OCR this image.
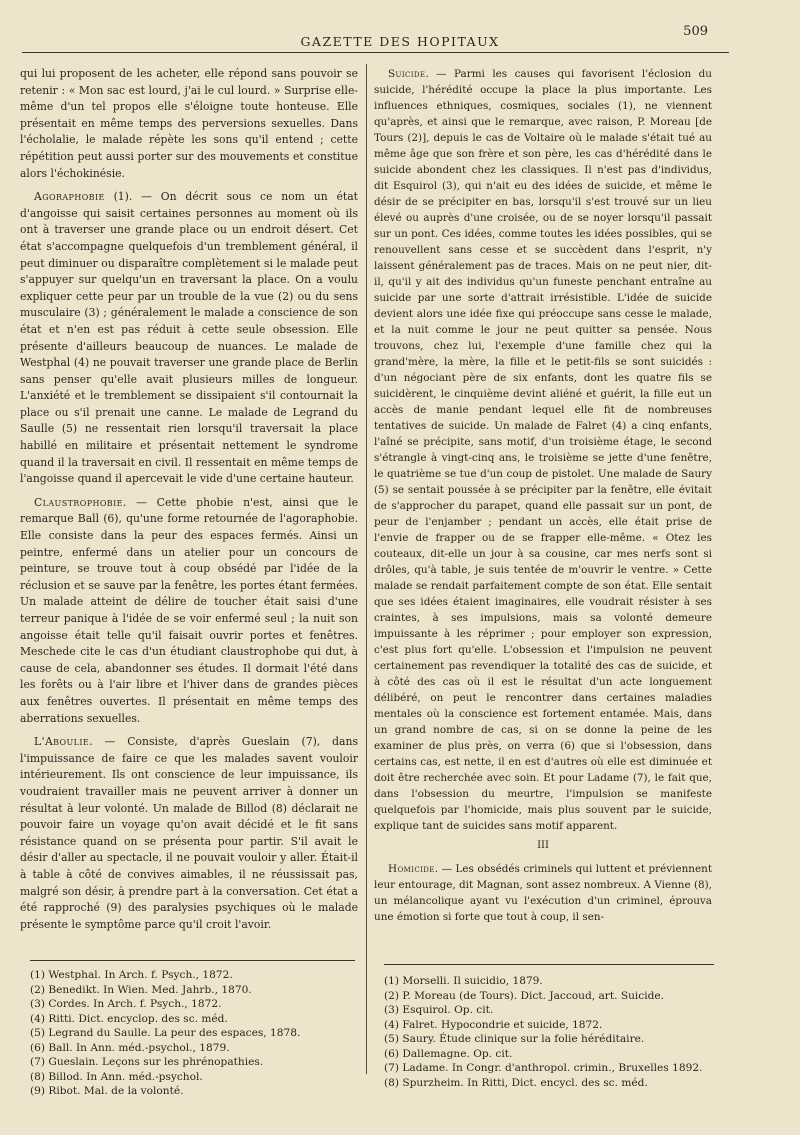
GAZETTE DES HOPITAUX
509

qui lui proposent de les acheter, elle répond sans pouvoir se retenir : « Mon sac est lourd, j'ai le cul lourd. » Surprise elle-même d'un tel propos elle s'éloigne toute honteuse. Elle présentait en même temps des perversions sexuelles. Dans l'écholalie, le malade répète les sons qu'il entend ; cette répétition peut aussi porter sur des mouvements et constitue alors l'échokinésie.

Agoraphobie (1). — On décrit sous ce nom un état d'angoisse qui saisit certaines personnes au moment où ils ont à traverser une grande place ou un endroit désert. Cet état s'accompagne quelquefois d'un tremblement général, il peut diminuer ou disparaître complètement si le malade peut s'appuyer sur quelqu'un en traversant la place. On a voulu expliquer cette peur par un trouble de la vue (2) ou du sens musculaire (3) ; généralement le malade a conscience de son état et n'en est pas réduit à cette seule obsession. Elle présente d'ailleurs beaucoup de nuances. Le malade de Westphal (4) ne pouvait traverser une grande place de Berlin sans penser qu'elle avait plusieurs milles de longueur. L'anxiété et le tremblement se dissipaient s'il contournait la place ou s'il prenait une canne. Le malade de Legrand du Saulle (5) ne ressentait rien lorsqu'il traversait la place habillé en militaire et présentait nettement le syndrome quand il la traversait en civil. Il ressentait en même temps de l'angoisse quand il apercevait le vide d'une certaine hauteur.

Claustrophobie. — Cette phobie n'est, ainsi que le remarque Ball (6), qu'une forme retournée de l'agoraphobie. Elle consiste dans la peur des espaces fermés. Ainsi un peintre, enfermé dans un atelier pour un concours de peinture, se trouve tout à coup obsédé par l'idée de la réclusion et se sauve par la fenêtre, les portes étant fermées. Un malade atteint de délire de toucher était saisi d'une terreur panique à l'idée de se voir enfermé seul ; la nuit son angoisse était telle qu'il faisait ouvrir portes et fenêtres. Meschede cite le cas d'un étudiant claustrophobe qui dut, à cause de cela, abandonner ses études. Il dormait l'été dans les forêts ou à l'air libre et l'hiver dans de grandes pièces aux fenêtres ouvertes. Il présentait en même temps des aberrations sexuelles.

L'Aboulie. — Consiste, d'après Gueslain (7), dans l'impuissance de faire ce que les malades savent vouloir intérieurement. Ils ont conscience de leur impuissance, ils voudraient travailler mais ne peuvent arriver à donner un résultat à leur volonté. Un malade de Billod (8) déclarait ne pouvoir faire un voyage qu'on avait décidé et le fit sans résistance quand on se présenta pour partir. S'il avait le désir d'aller au spectacle, il ne pouvait vouloir y aller. Était-il à table à côté de convives aimables, il ne réussissait pas, malgré son désir, à prendre part à la conversation. Cet état a été rapproché (9) des paralysies psychiques où le malade présente le symptôme parce qu'il croit l'avoir.

(1) Westphal. In Arch. f. Psych., 1872.
(2) Benedikt. In Wien. Med. Jahrb., 1870.
(3) Cordes. In Arch. f. Psych., 1872.
(4) Ritti. Dict. encyclop. des sc. méd.
(5) Legrand du Saulle. La peur des espaces, 1878.
(6) Ball. In Ann. méd.-psychol., 1879.
(7) Gueslain. Leçons sur les phrénopathies.
(8) Billod. In Ann. méd.-psychol.
(9) Ribot. Mal. de la volonté.

Suicide. — Parmi les causes qui favorisent l'éclosion du suicide, l'hérédité occupe la place la plus importante. Les influences ethniques, cosmiques, sociales (1), ne viennent qu'après, et ainsi que le remarque, avec raison, P. Moreau [de Tours (2)], depuis le cas de Voltaire où le malade s'était tué au même âge que son frère et son père, les cas d'hérédité dans le suicide abondent chez les classiques. Il n'est pas d'individus, dit Esquirol (3), qui n'ait eu des idées de suicide, et même le désir de se précipiter en bas, lorsqu'il s'est trouvé sur un lieu élevé ou auprès d'une croisée, ou de se noyer lorsqu'il passait sur un pont. Ces idées, comme toutes les idées possibles, qui se renouvellent sans cesse et se succèdent dans l'esprit, n'y laissent généralement pas de traces. Mais on ne peut nier, dit-il, qu'il y ait des individus qu'un funeste penchant entraîne au suicide par une sorte d'attrait irrésistible. L'idée de suicide devient alors une idée fixe qui préoccupe sans cesse le malade, et la nuit comme le jour ne peut quitter sa pensée. Nous trouvons, chez lui, l'exemple d'une famille chez qui la grand'mère, la mère, la fille et le petit-fils se sont suicidés : d'un négociant père de six enfants, dont les quatre fils se suicidèrent, le cinquième devint aliéné et guérit, la fille eut un accès de manie pendant lequel elle fit de nombreuses tentatives de suicide. Un malade de Falret (4) a cinq enfants, l'aîné se précipite, sans motif, d'un troisième étage, le second s'étrangle à vingt-cinq ans, le troisième se jette d'une fenêtre, le quatrième se tue d'un coup de pistolet. Une malade de Saury (5) se sentait poussée à se précipiter par la fenêtre, elle évitait de s'approcher du parapet, quand elle passait sur un pont, de peur de l'enjamber ; pendant un accès, elle était prise de l'envie de frapper ou de se frapper elle-même. « Otez les couteaux, dit-elle un jour à sa cousine, car mes nerfs sont si drôles, qu'à table, je suis tentée de m'ouvrir le ventre. » Cette malade se rendait parfaitement compte de son état. Elle sentait que ses idées étaient imaginaires, elle voudrait résister à ses craintes, à ses impulsions, mais sa volonté demeure impuissante à les réprimer ; pour employer son expression, c'est plus fort qu'elle. L'obsession et l'impulsion ne peuvent certainement pas revendiquer la totalité des cas de suicide, et à côté des cas où il est le résultat d'un acte longuement délibéré, on peut le rencontrer dans certaines maladies mentales où la conscience est fortement entamée. Mais, dans un grand nombre de cas, si on se donne la peine de les examiner de plus près, on verra (6) que si l'obsession, dans certains cas, est nette, il en est d'autres où elle est diminuée et doit être recherchée avec soin. Et pour Ladame (7), le fait que, dans l'obsession du meurtre, l'impulsion se manifeste quelquefois par l'homicide, mais plus souvent par le suicide, explique tant de suicides sans motif apparent.

III

Homicide. — Les obsédés criminels qui luttent et préviennent leur entourage, dit Magnan, sont assez nombreux. A Vienne (8), un mélancolique ayant vu l'exécution d'un criminel, éprouva une émotion si forte que tout à coup, il sen-

(1) Morselli. Il suicidio, 1879.
(2) P. Moreau (de Tours). Dict. Jaccoud, art. Suicide.
(3) Esquirol. Op. cit.
(4) Falret. Hypocondrie et suicide, 1872.
(5) Saury. Étude clinique sur la folie héréditaire.
(6) Dallemagne. Op. cit.
(7) Ladame. In Congr. d'anthropol. crimin., Bruxelles 1892.
(8) Spurzheim. In Ritti, Dict. encycl. des sc. méd.
